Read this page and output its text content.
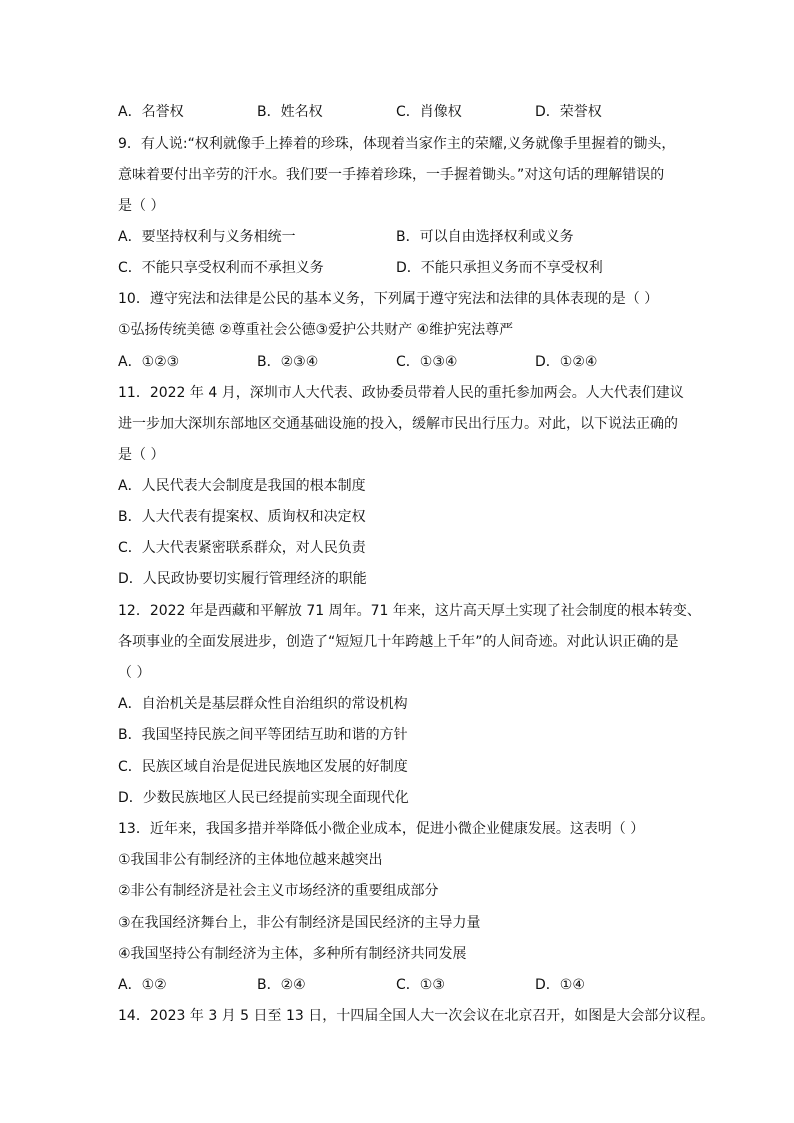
A．名誉权	B．姓名权	C．肖像权	D．荣誉权
9．有人说:“权利就像手上捧着的珍珠，体现着当家作主的荣耀,义务就像手里握着的锄头，
意味着要付出辛劳的汗水。我们要一手捧着珍珠，一手握着锄头。”对这句话的理解错误的
是（ ）
A．要坚持权利与义务相统一	B．可以自由选择权利或义务
C．不能只享受权利而不承担义务	D．不能只承担义务而不享受权利
10．遵守宪法和法律是公民的基本义务，下列属于遵守宪法和法律的具体表现的是（ ）
①弘扬传统美德 ②尊重社会公德③爱护公共财产 ④维护宪法尊严
A．①②③	B．②③④	C．①③④	D．①②④
11．2022 年 4 月，深圳市人大代表、政协委员带着人民的重托参加两会。人大代表们建议
进一步加大深圳东部地区交通基础设施的投入，缓解市民出行压力。对此，以下说法正确的
是（ ）
A．人民代表大会制度是我国的根本制度
B．人大代表有提案权、质询权和决定权
C．人大代表紧密联系群众，对人民负责
D．人民政协要切实履行管理经济的职能
12．2022 年是西藏和平解放 71 周年。71 年来，这片高天厚土实现了社会制度的根本转变、
各项事业的全面发展进步，创造了“短短几十年跨越上千年”的人间奇迹。对此认识正确的是
（ ）
A．自治机关是基层群众性自治组织的常设机构
B．我国坚持民族之间平等团结互助和谐的方针
C．民族区域自治是促进民族地区发展的好制度
D．少数民族地区人民已经提前实现全面现代化
13．近年来，我国多措并举降低小微企业成本，促进小微企业健康发展。这表明（ ）
①我国非公有制经济的主体地位越来越突出
②非公有制经济是社会主义市场经济的重要组成部分
③在我国经济舞台上，非公有制经济是国民经济的主导力量
④我国坚持公有制经济为主体，多种所有制经济共同发展
A．①②	B．②④	C．①③	D．①④
14．2023 年 3 月 5 日至 13 日，十四届全国人大一次会议在北京召开，如图是大会部分议程。
